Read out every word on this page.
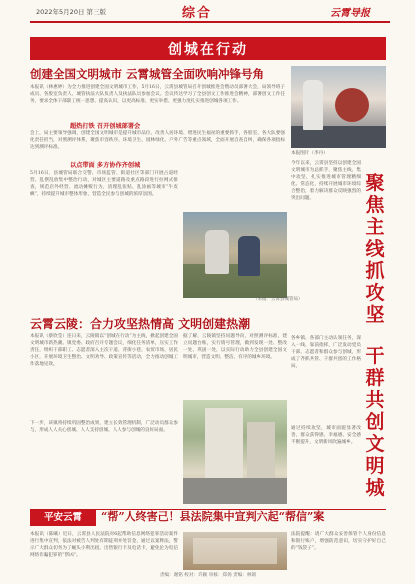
2022年5月20日 第三版	综合	云霄导报
创城在行动
创建全国文明城市 云霄城管全面吹响冲锋号角
本报讯（林惠婷）为全力推进创建全国文明城市工作，5月16日，云霄县城管局召开创城推进会暨动员部署大会，局领导班子成员、各股室负责人、城管执法大队负责人及执法队员参加会议。会议传达学习了全县创文工作推进会精神，部署创文工作任务，要求全体干部职工统一思想、提高认识，以更高标准、更实举措、更强力度扎实推进创城各项工作。
超热打铁 召开创城部署会
会上，局主要领导强调，创建全国文明城市是提升城市品位、改善人居环境、增进民生福祉的重要抓手，各股室、各大队要强化责任担当，对照测评体系，聚焦市容秩序、环境卫生、园林绿化、户外广告等重点领域，全面开展自查自纠，确保各项指标达到测评标准。
以点带面 多方协作齐创城
5月16日，县城管局联合交警、市场监管、街道社区等部门开展占道经营、乱摆乱放集中整治行动，对城区主要道路及重点路段进行拉网式排查，规范店外经营、流动摊贩行为，清理乱张贴、乱涂画等城市“牛皮癣”，持续提升城市整体形象，营造全民参与创城的浓厚氛围。
（本报：云霄县城管局）
云霄云陵：合力攻坚热情高 文明创建热潮
本报讯（蔡欣莹）连日来，云陵镇以“创城在行动”为主线，掀起创建全国文明城市新热潮。镇党委、政府召开专题会议，细化任务清单，压实工作责任，组织干部职工、志愿者深入主次干道、背街小巷、农贸市场、居民小区，开展环境卫生整治、文明劝导、政策宣传等活动，全力推动创城工作落地见效。
据了解，云陵镇坚持问题导向，对照测评标准，建立问题台账，实行销号管理，做到发现一处、整改一处、巩固一处，以实际行动助力全县创建全国文明城市，营造文明、整洁、有序的城乡环境。
下一步，该镇将持续巩固整治成果，建立长效管理机制，广泛动员群众参与，形成人人关心创城、人人支持创城、人人参与创城的良好局面。
本报图片（李丹）
聚焦主线抓攻坚
今年以来，云霄县坚持以创建全国文明城市为总抓手，聚焦主线、集中攻坚，扎实推进城市管理精细化、常态化，持续开展城市环境综合整治，着力解决群众反映强烈的突出问题。
干群共创文明城
各乡镇、各部门主动认领任务，深入一线、靠前指挥，广泛发动党员干部、志愿者和群众参与创城，形成了齐抓共管、干群共创的工作格局。
通过持续攻坚，城市面貌显著改善，群众获得感、幸福感、安全感不断提升，文明新风吹遍城乡。
平安云霄	“帮”人终害己！县法院集中宣判六起“帮信”案
本报讯（陈曦）近日，云霄县人民法院对6起帮助信息网络犯罪活动案件进行集中宣判，依法对被告人判处有期徒刑并处罚金，通过以案释法，警示广大群众切勿为了蝇头小利出租、出售银行卡及电话卡，避免沦为电信网络诈骗犯罪的“帮凶”。
法院提醒：请广大群众妥善保管个人身份信息和银行账户，增强防范意识，切实守护好自己的“钱袋子”。
责编：谢铭 校对：许颖 审核：郑扬 责编：林锦
